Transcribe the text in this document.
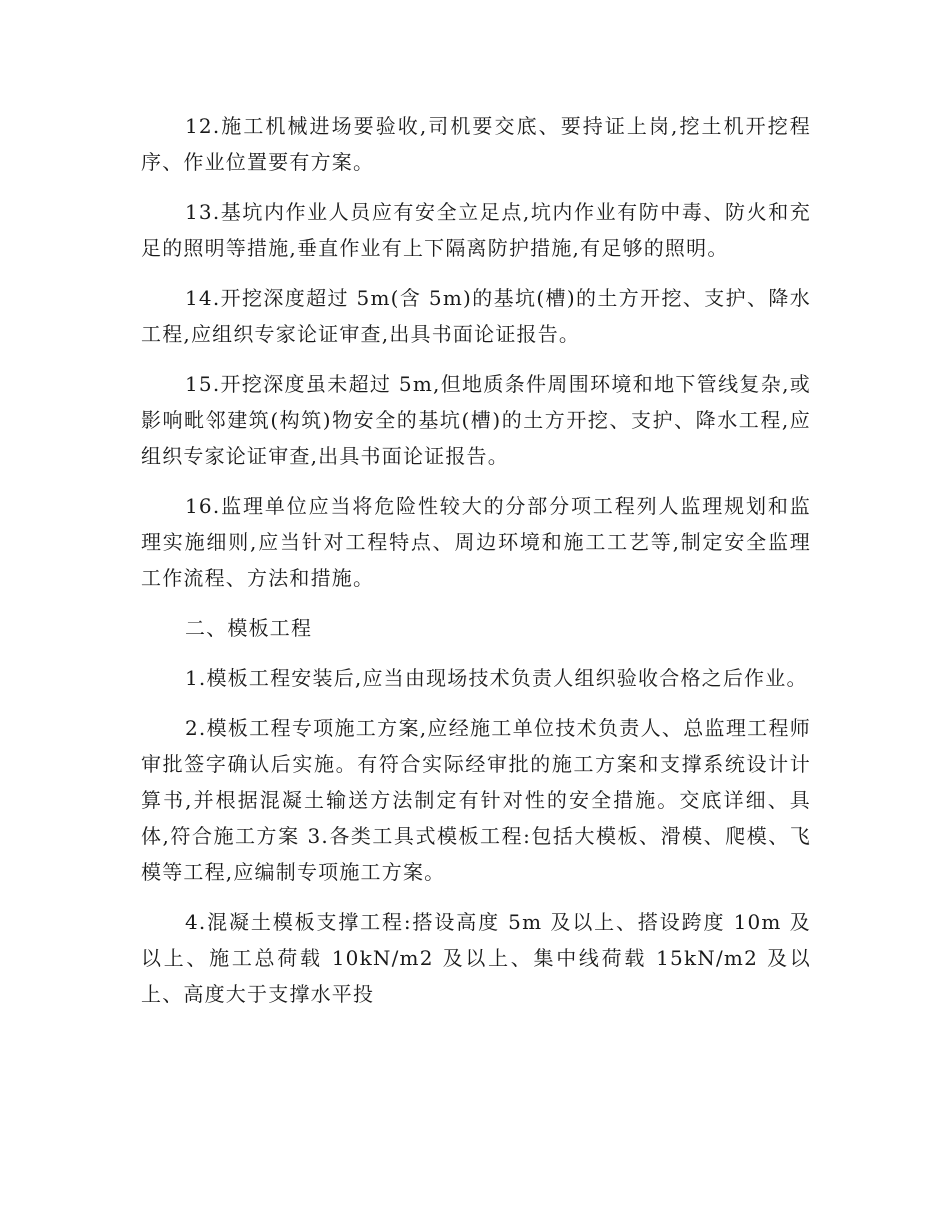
12.施工机械进场要验收,司机要交底、要持证上岗,挖土机开挖程序、作业位置要有方案。

13.基坑内作业人员应有安全立足点,坑内作业有防中毒、防火和充足的照明等措施,垂直作业有上下隔离防护措施,有足够的照明。

14.开挖深度超过 5m(含 5m)的基坑(槽)的土方开挖、支护、降水工程,应组织专家论证审查,出具书面论证报告。

15.开挖深度虽未超过 5m,但地质条件周围环境和地下管线复杂,或影响毗邻建筑(构筑)物安全的基坑(槽)的土方开挖、支护、降水工程,应组织专家论证审查,出具书面论证报告。

16.监理单位应当将危险性较大的分部分项工程列人监理规划和监理实施细则,应当针对工程特点、周边环境和施工工艺等,制定安全监理工作流程、方法和措施。

二、模板工程

1.模板工程安装后,应当由现场技术负责人组织验收合格之后作业。

2.模板工程专项施工方案,应经施工单位技术负责人、总监理工程师审批签字确认后实施。有符合实际经审批的施工方案和支撑系统设计计算书,并根据混凝土输送方法制定有针对性的安全措施。交底详细、具体,符合施工方案 3.各类工具式模板工程:包括大模板、滑模、爬模、飞模等工程,应编制专项施工方案。

4.混凝土模板支撑工程:搭设高度 5m 及以上、搭设跨度 10m 及以上、施工总荷载 10kN/m2 及以上、集中线荷载 15kN/m2 及以上、高度大于支撑水平投
